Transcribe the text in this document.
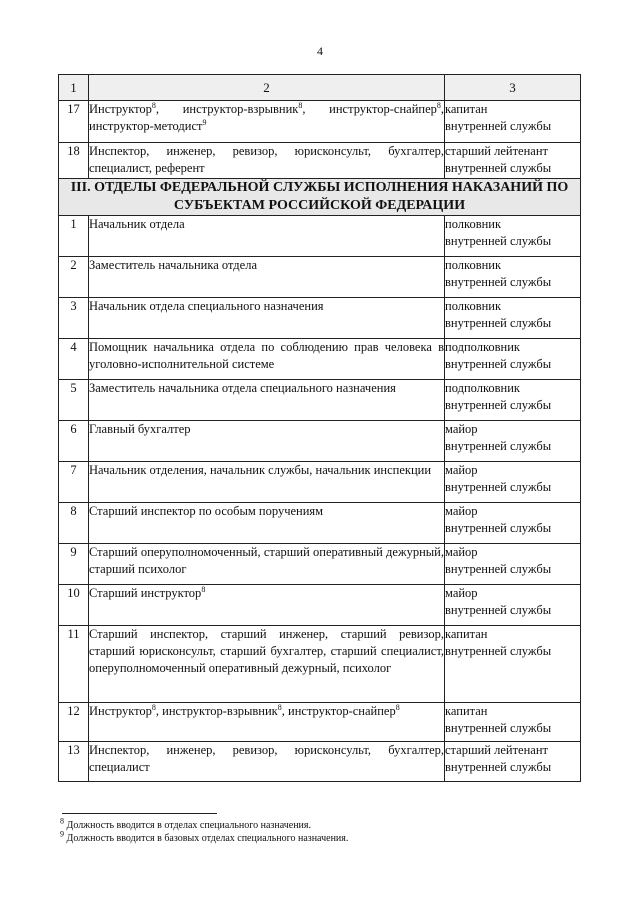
4
1	2	3
17	Инструктор$^8$, инструктор-взрывник$^8$, инструктор-снайпер$^8$, инструктор-методист$^9$	капитан
внутренней службы

18	Инспектор, инженер, ревизор, юрисконсульт, бухгалтер, специалист, референт	старший лейтенант
внутренней службы

III. ОТДЕЛЫ ФЕДЕРАЛЬНОЙ СЛУЖБЫ ИСПОЛНЕНИЯ НАКАЗАНИЙ ПО СУБЪЕКТАМ РОССИЙСКОЙ ФЕДЕРАЦИИ		
1	Начальник отдела	полковник
внутренней службы

2	Заместитель начальника отдела	полковник
внутренней службы

3	Начальник отдела специального назначения	полковник
внутренней службы

4	Помощник начальника отдела по соблюдению прав человека в уголовно-исполнительной системе	подполковник
внутренней службы

5	Заместитель начальника отдела специального назначения	подполковник
внутренней службы

6	Главный бухгалтер	майор
внутренней службы

7	Начальник отделения, начальник службы, начальник инспекции	майор
внутренней службы

8	Старший инспектор по особым поручениям	майор
внутренней службы

9	Старший оперуполномоченный, старший оперативный дежурный, старший психолог	майор
внутренней службы

10	Старший инструктор$^8$	майор
внутренней службы

11	Старший инспектор, старший инженер, старший ревизор, старший юрисконсульт, старший бухгалтер, старший специалист, оперуполномоченный оперативный дежурный, психолог	капитан
внутренней службы

12	Инструктор$^8$, инструктор-взрывник$^8$, инструктор-снайпер$^8$	капитан
внутренней службы

13	Инспектор, инженер, ревизор, юрисконсульт, бухгалтер, специалист	старший лейтенант
внутренней службы
$^8$ Должность вводится в отделах специального назначения.
$^9$ Должность вводится в базовых отделах специального назначения.
